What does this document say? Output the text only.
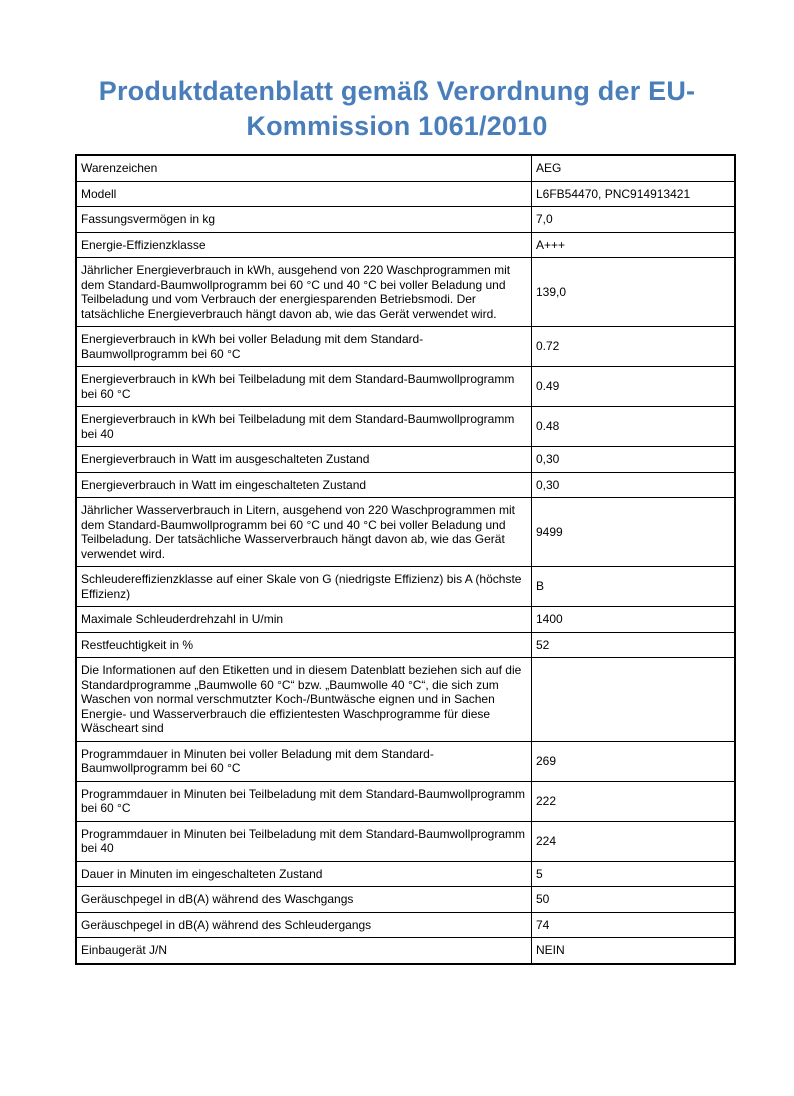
Produktdatenblatt gemäß Verordnung der EU-
Kommission 1061/2010
Warenzeichen	AEG
Modell	L6FB54470, PNC914913421
Fassungsvermögen in kg	7,0
Energie-Effizienzklasse	A+++
Jährlicher Energieverbrauch in kWh, ausgehend von 220 Waschprogrammen mit dem Standard-Baumwollprogramm bei 60 °C und 40 °C bei voller Beladung und Teilbeladung und vom Verbrauch der energiesparenden Betriebsmodi. Der tatsächliche Energieverbrauch hängt davon ab, wie das Gerät verwendet wird.	139,0
Energieverbrauch in kWh bei voller Beladung mit dem Standard-Baumwollprogramm bei 60 °C	0.72
Energieverbrauch in kWh bei Teilbeladung mit dem Standard-Baumwollprogramm bei 60 °C	0.49
Energieverbrauch in kWh bei Teilbeladung mit dem Standard-Baumwollprogramm bei 40	0.48
Energieverbrauch in Watt im ausgeschalteten Zustand	0,30
Energieverbrauch in Watt im eingeschalteten Zustand	0,30
Jährlicher Wasserverbrauch in Litern, ausgehend von 220 Waschprogrammen mit dem Standard-Baumwollprogramm bei 60 °C und 40 °C bei voller Beladung und Teilbeladung. Der tatsächliche Wasserverbrauch hängt davon ab, wie das Gerät verwendet wird.	9499
Schleudereffizienzklasse auf einer Skale von G (niedrigste Effizienz) bis A (höchste Effizienz)	B
Maximale Schleuderdrehzahl in U/min	1400
Restfeuchtigkeit in %	52
Die Informationen auf den Etiketten und in diesem Datenblatt beziehen sich auf die Standardprogramme „Baumwolle 60 °C“ bzw. „Baumwolle 40 °C“, die sich zum Waschen von normal verschmutzter Koch-/Buntwäsche eignen und in Sachen Energie- und Wasserverbrauch die effizientesten Waschprogramme für diese Wäscheart sind	
Programmdauer in Minuten bei voller Beladung mit dem Standard-Baumwollprogramm bei 60 °C	269
Programmdauer in Minuten bei Teilbeladung mit dem Standard-Baumwollprogramm bei 60 °C	222
Programmdauer in Minuten bei Teilbeladung mit dem Standard-Baumwollprogramm bei 40	224
Dauer in Minuten im eingeschalteten Zustand	5
Geräuschpegel in dB(A) während des Waschgangs	50
Geräuschpegel in dB(A) während des Schleudergangs	74
Einbaugerät J/N	NEIN
